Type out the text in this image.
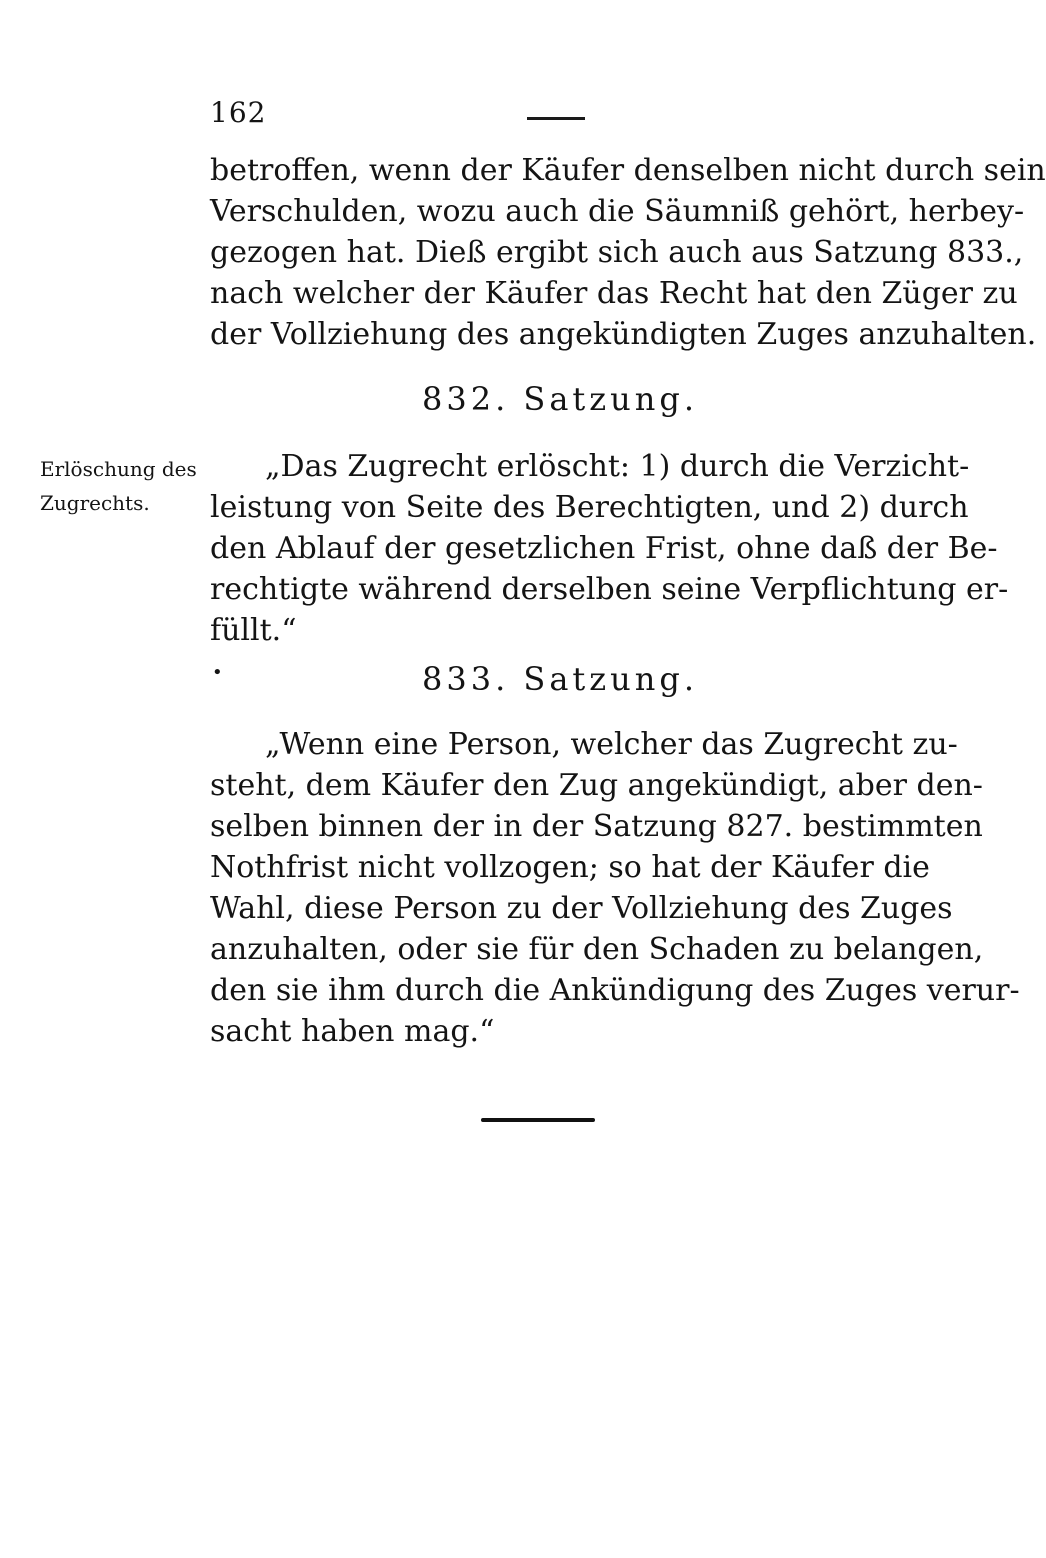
162
betroffen, wenn der Käufer denselben nicht durch sein
Verschulden, wozu auch die Säumniß gehört, herbey-
gezogen hat. Dieß ergibt sich auch aus Satzung 833.,
nach welcher der Käufer das Recht hat den Züger zu
der Vollziehung des angekündigten Zuges anzuhalten.
832. Satzung.
Erlöschung des
Zugrechts.
„Das Zugrecht erlöscht: 1) durch die Verzicht-
leistung von Seite des Berechtigten, und 2) durch
den Ablauf der gesetzlichen Frist, ohne daß der Be-
rechtigte während derselben seine Verpflichtung er-
füllt.“
•	833. Satzung.
„Wenn eine Person, welcher das Zugrecht zu-
steht, dem Käufer den Zug angekündigt, aber den-
selben binnen der in der Satzung 827. bestimmten
Nothfrist nicht vollzogen; so hat der Käufer die
Wahl, diese Person zu der Vollziehung des Zuges
anzuhalten, oder sie für den Schaden zu belangen,
den sie ihm durch die Ankündigung des Zuges verur-
sacht haben mag.“
